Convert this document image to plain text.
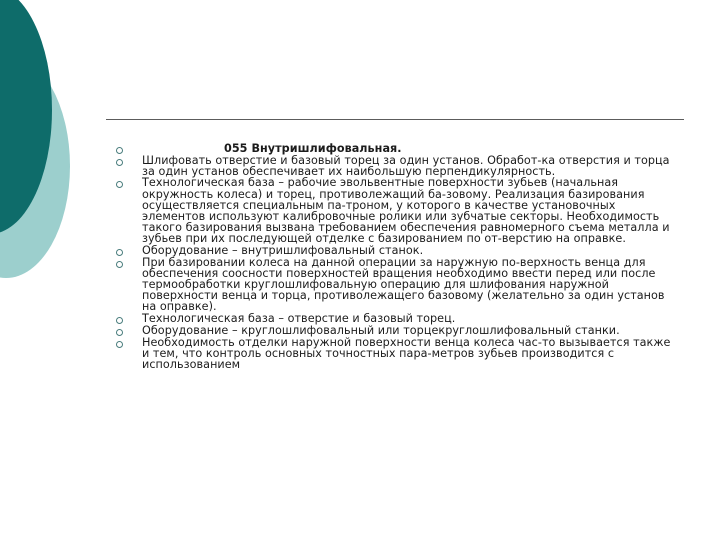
055 Внутришлифовальная.
Шлифовать отверстие и базовый торец за один установ. Обработ-ка отверстия и торца за один установ обеспечивает их наибольшую перпендикулярность.
Технологическая база – рабочие эвольвентные поверхности зубьев (начальная окружность колеса) и торец, противолежащий ба-зовому. Реализация базирования осуществляется специальным па-троном, у которого в качестве установочных элементов используют калибровочные ролики или зубчатые секторы. Необходимость такого базирования вызвана требованием обеспечения равномерного съема металла и зубьев при их последующей отделке с базированием по от-верстию на оправке.
Оборудование – внутришлифовальный станок.
При базировании колеса на данной операции за наружную по-верхность венца для обеспечения соосности поверхностей вращения необходимо ввести перед или после термообработки круглошлифовальную операцию для шлифования наружной поверхности венца и торца, противолежащего базовому (желательно за один установ на оправке).
Технологическая база – отверстие и базовый торец.
Оборудование – круглошлифовальный или торцекруглошлифовальный станки.
Необходимость отделки наружной поверхности венца колеса час-то вызывается также и тем, что контроль основных точностных пара-метров зубьев производится с использованием
